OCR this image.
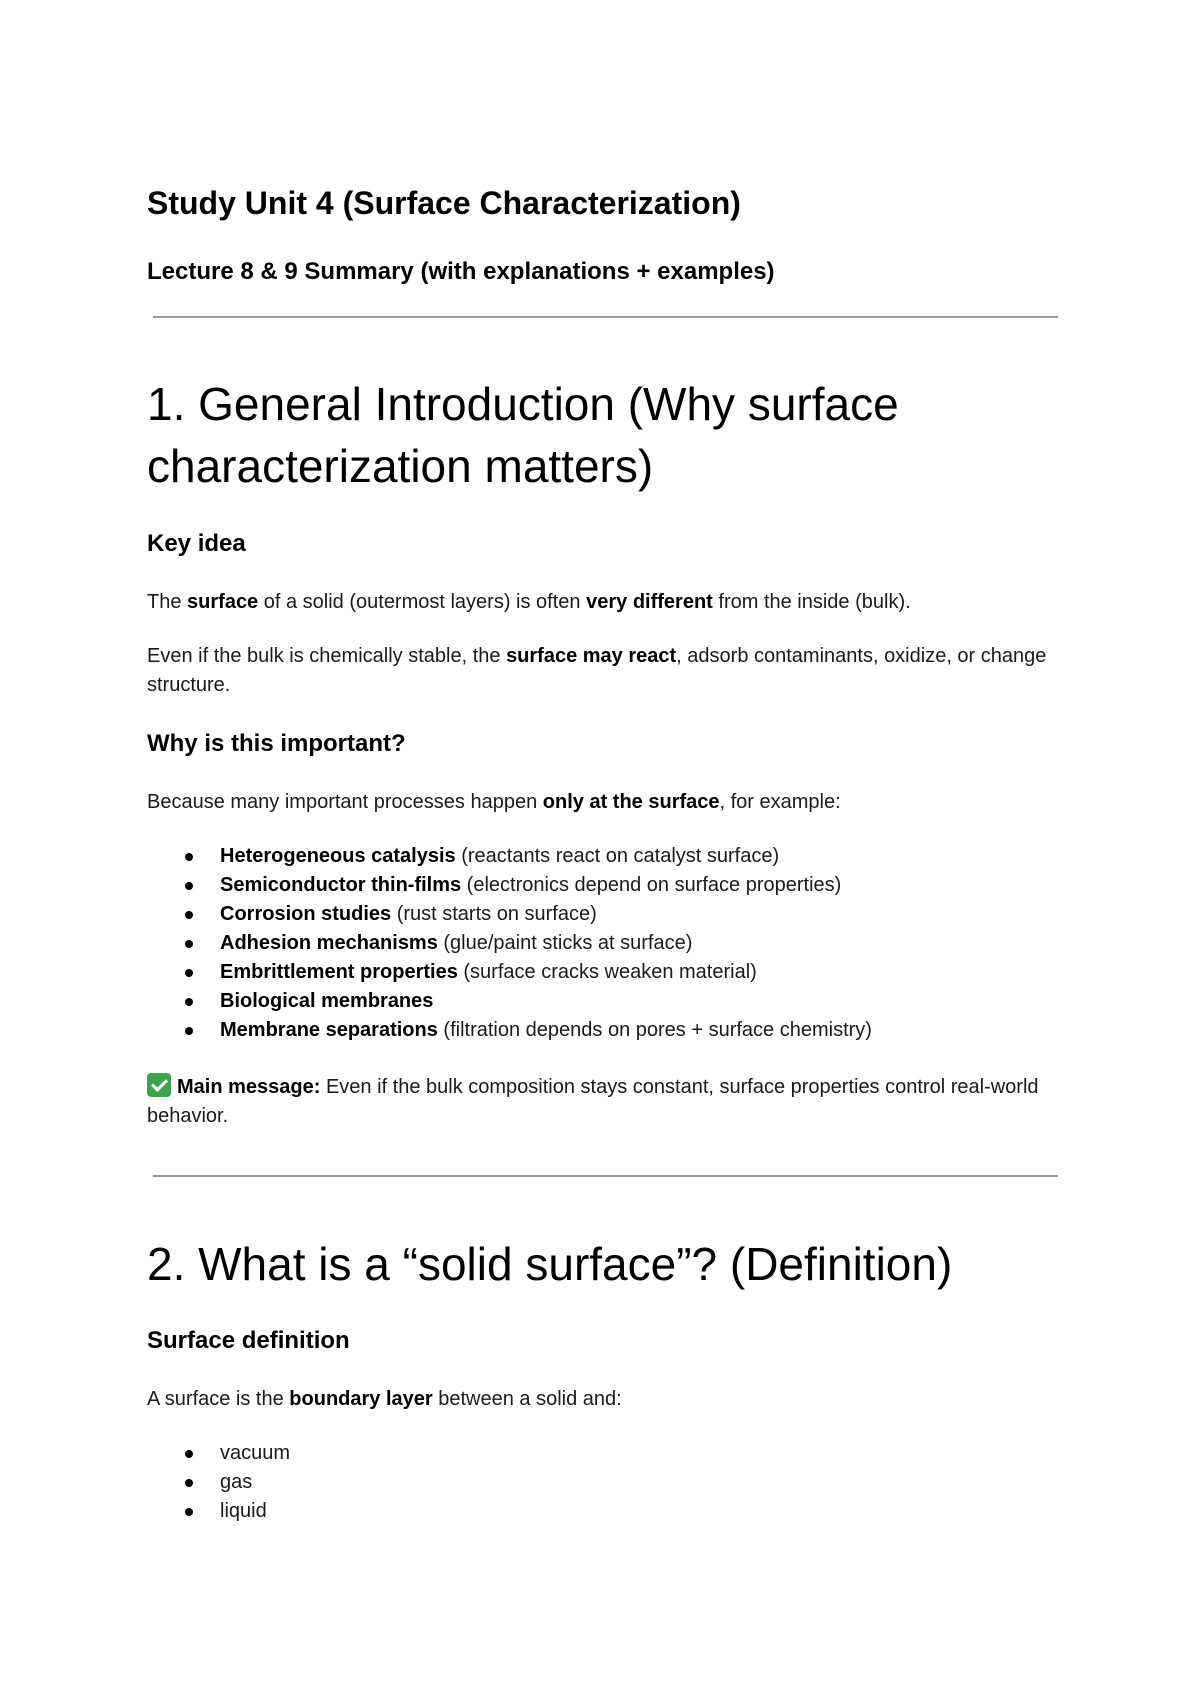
Study Unit 4 (Surface Characterization)
Lecture 8 & 9 Summary (with explanations + examples)
1. General Introduction (Why surface characterization matters)
Key idea

The surface of a solid (outermost layers) is often very different from the inside (bulk).

Even if the bulk is chemically stable, the surface may react, adsorb contaminants, oxidize, or change structure.

Why is this important?

Because many important processes happen only at the surface, for example:

Heterogeneous catalysis (reactants react on catalyst surface)
Semiconductor thin-films (electronics depend on surface properties)
Corrosion studies (rust starts on surface)
Adhesion mechanisms (glue/paint sticks at surface)
Embrittlement properties (surface cracks weaken material)
Biological membranes
Membrane separations (filtration depends on pores + surface chemistry)

Main message: Even if the bulk composition stays constant, surface properties control real-world behavior.

2. What is a “solid surface”? (Definition)
Surface definition

A surface is the boundary layer between a solid and:

vacuum
gas
liquid
